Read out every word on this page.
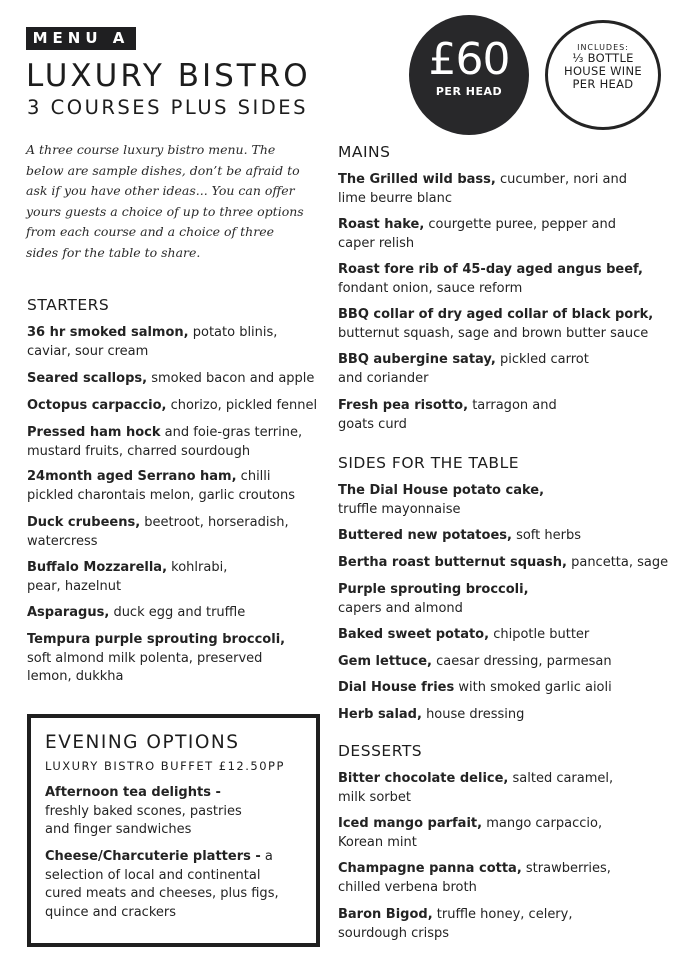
MENU A
LUXURY BISTRO
3 COURSES PLUS SIDES
£60
PER HEAD
INCLUDES:
⅓ BOTTLE
HOUSE WINE
PER HEAD
A three course luxury bistro menu. The below are sample dishes, don’t be afraid to ask if you have other ideas... You can offer yours guests a choice of up to three options from each course and a choice of three sides for the table to share.
STARTERS
36 hr smoked salmon, potato blinis,
caviar, sour cream
Seared scallops, smoked bacon and apple
Octopus carpaccio, chorizo, pickled fennel
Pressed ham hock and foie-gras terrine,
mustard fruits, charred sourdough
24month aged Serrano ham, chilli
pickled charontais melon, garlic croutons
Duck crubeens, beetroot, horseradish,
watercress
Buffalo Mozzarella, kohlrabi,
pear, hazelnut
Asparagus, duck egg and truffle
Tempura purple sprouting broccoli,
soft almond milk polenta, preserved
lemon, dukkha
EVENING OPTIONS
LUXURY BISTRO BUFFET £12.50PP
Afternoon tea delights -
freshly baked scones, pastries
and finger sandwiches
Cheese/Charcuterie platters - a
selection of local and continental
cured meats and cheeses, plus figs,
quince and crackers
MAINS
The Grilled wild bass, cucumber, nori and
lime beurre blanc
Roast hake, courgette puree, pepper and
caper relish
Roast fore rib of 45-day aged angus beef,
fondant onion, sauce reform
BBQ collar of dry aged collar of black pork,
butternut squash, sage and brown butter sauce
BBQ aubergine satay, pickled carrot
and coriander
Fresh pea risotto, tarragon and
goats curd
SIDES FOR THE TABLE
The Dial House potato cake,
truffle mayonnaise
Buttered new potatoes, soft herbs
Bertha roast butternut squash, pancetta, sage
Purple sprouting broccoli,
capers and almond
Baked sweet potato, chipotle butter
Gem lettuce, caesar dressing, parmesan
Dial House fries with smoked garlic aioli
Herb salad, house dressing
DESSERTS
Bitter chocolate delice, salted caramel,
milk sorbet
Iced mango parfait, mango carpaccio,
Korean mint
Champagne panna cotta, strawberries,
chilled verbena broth
Baron Bigod, truffle honey, celery,
sourdough crisps
